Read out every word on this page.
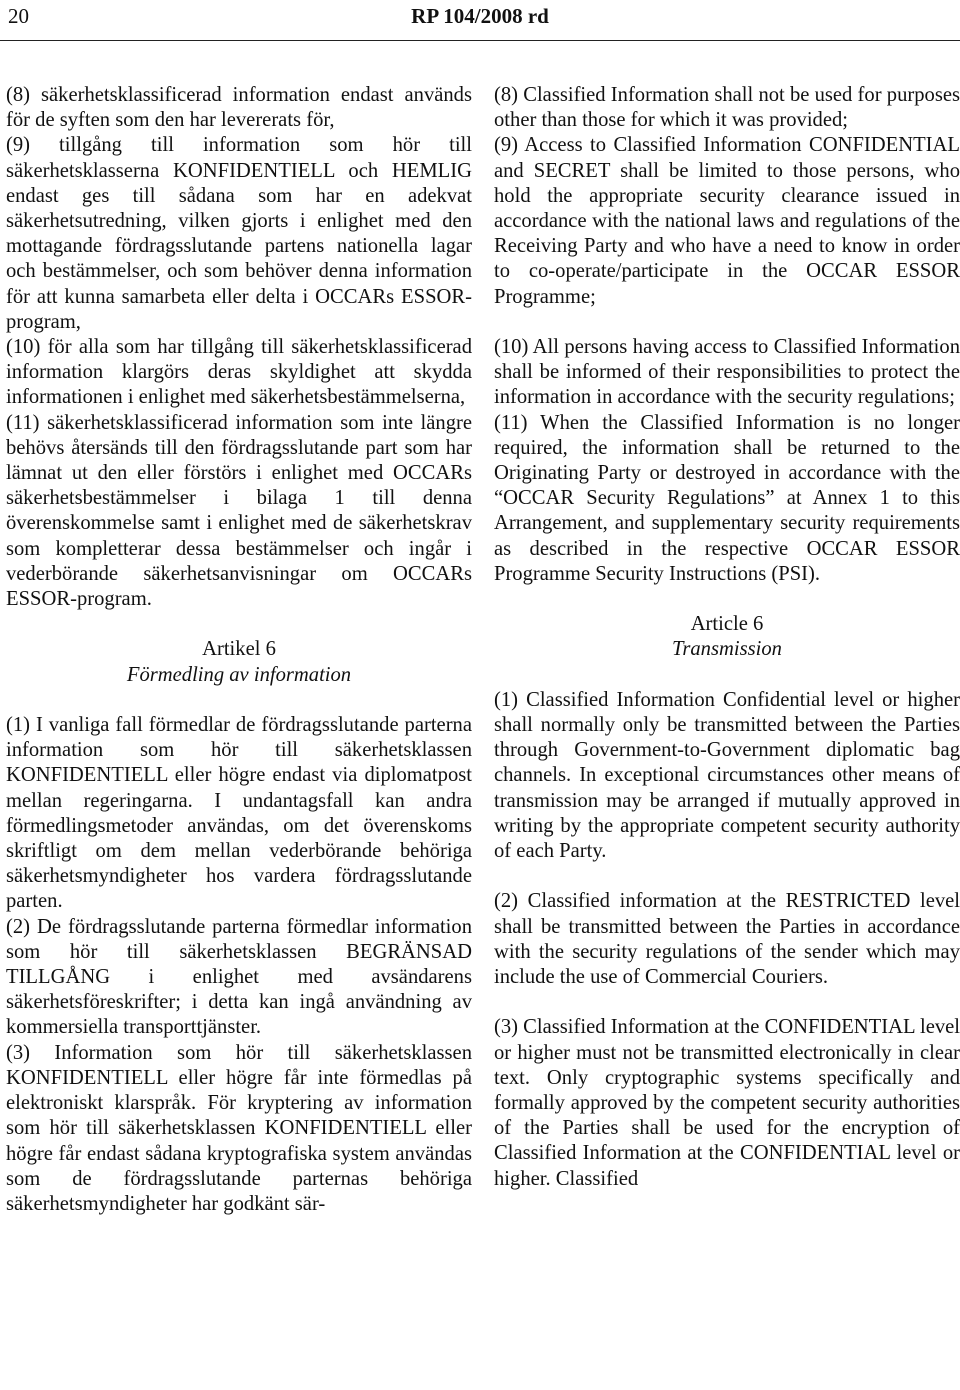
20	RP 104/2008 rd

(8) säkerhetsklassificerad information endast används för de syften som den har levererats för,

(9) tillgång till information som hör till säkerhetsklasserna KONFIDENTIELL och HEMLIG endast ges till sådana som har en adekvat säkerhetsutredning, vilken gjorts i enlighet med den mottagande fördragsslutande partens nationella lagar och bestämmelser, och som behöver denna information för att kunna samarbeta eller delta i OCCARs ESSOR-program,

(10) för alla som har tillgång till säkerhetsklassificerad information klargörs deras skyldighet att skydda informationen i enlighet med säkerhetsbestämmelserna,

(11) säkerhetsklassificerad information som inte längre behövs återsänds till den fördragsslutande part som har lämnat ut den eller förstörs i enlighet med OCCARs säkerhetsbestämmelser i bilaga 1 till denna överenskommelse samt i enlighet med de säkerhetskrav som kompletterar dessa bestämmelser och ingår i vederbörande säkerhetsanvisningar om OCCARs ESSOR-program.

Artikel 6
Förmedling av information

(1) I vanliga fall förmedlar de fördragsslutande parterna information som hör till säkerhetsklassen KONFIDENTIELL eller högre endast via diplomatpost mellan regeringarna. I undantagsfall kan andra förmedlingsmetoder användas, om det överenskoms skriftligt om dem mellan vederbörande behöriga säkerhetsmyndigheter hos vardera fördragsslutande parten.

(2) De fördragsslutande parterna förmedlar information som hör till säkerhetsklassen BEGRÄNSAD TILLGÅNG i enlighet med avsändarens säkerhetsföreskrifter; i detta kan ingå användning av kommersiella transporttjänster.

(3) Information som hör till säkerhetsklassen KONFIDENTIELL eller högre får inte förmedlas på elektroniskt klarspråk. För kryptering av information som hör till säkerhetsklassen KONFIDENTIELL eller högre får endast sådana kryptografiska system användas som de fördragsslutande parternas behöriga säkerhetsmyndigheter har godkänt sär-

(8) Classified Information shall not be used for purposes other than those for which it was provided;

(9) Access to Classified Information CONFIDENTIAL and SECRET shall be limited to those persons, who hold the appropriate security clearance issued in accordance with the national laws and regulations of the Receiving Party and who have a need to know in order to co-operate/participate in the OCCAR ESSOR Programme;

(10) All persons having access to Classified Information shall be informed of their responsibilities to protect the information in accordance with the security regulations;

(11) When the Classified Information is no longer required, the information shall be returned to the Originating Party or destroyed in accordance with the “OCCAR Security Regulations” at Annex 1 to this Arrangement, and supplementary security requirements as described in the respective OCCAR ESSOR Programme Security Instructions (PSI).

Article 6
Transmission

(1) Classified Information Confidential level or higher shall normally only be transmitted between the Parties through Government-to-Government diplomatic bag channels. In exceptional circumstances other means of transmission may be arranged if mutually approved in writing by the appropriate competent security authority of each Party.

(2) Classified information at the RESTRICTED level shall be transmitted between the Parties in accordance with the security regulations of the sender which may include the use of Commercial Couriers.

(3) Classified Information at the CONFIDENTIAL level or higher must not be transmitted electronically in clear text. Only cryptographic systems specifically and formally approved by the competent security authorities of the Parties shall be used for the encryption of Classified Information at the CONFIDENTIAL level or higher. Classified
